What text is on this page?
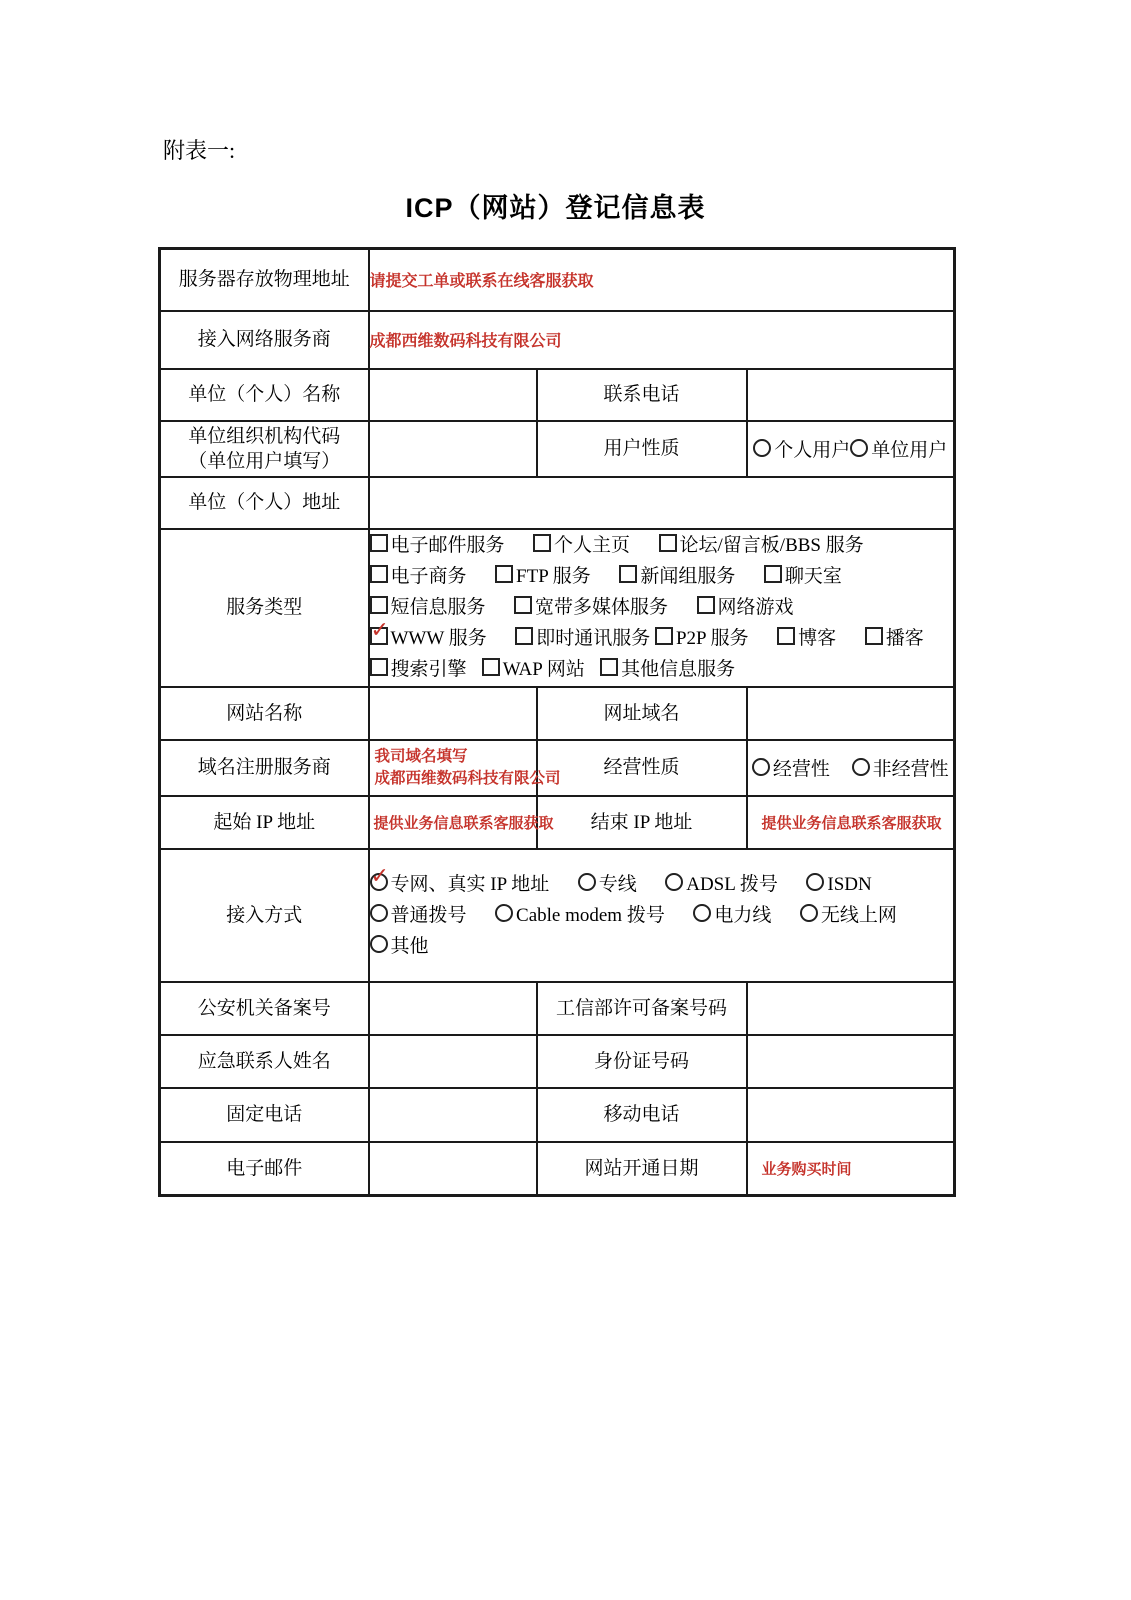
附表一:
ICP（网站）登记信息表
服务器存放物理地址	请提交工单或联系在线客服获取		
接入网络服务商	成都西维数码科技有限公司		
单位（个人）名称		联系电话	

单位组织机构代码
（单位用户填写）		用户性质	个人用户 单位用户
单位（个人）地址			
服务类型	
电子邮件服务	个人主页	论坛/留言板/BBS 服务
电子商务	FTP 服务	新闻组服务	聊天室
短信息服务	宽带多媒体服务	网络游戏
✓ WWW 服务	即时通讯服务 P2P 服务	博客	播客
搜索引擎 WAP 网站 其他信息服务

网站名称		网址域名	
域名注册服务商	我司域名填写
成都西维数码科技有限公司	经营性质	经营性 非经营性
起始 IP 地址	提供业务信息联系客服获取	结束 IP 地址	提供业务信息联系客服获取

接入方式	✓ 专网、真实 IP 地址 专线 ADSL 拨号 ISDN
普通拨号 Cable modem 拨号 电力线 无线上网
其他		

公安机关备案号		工信部许可备案号码	
应急联系人姓名		身份证号码	
固定电话		移动电话	
电子邮件		网站开通日期	业务购买时间
